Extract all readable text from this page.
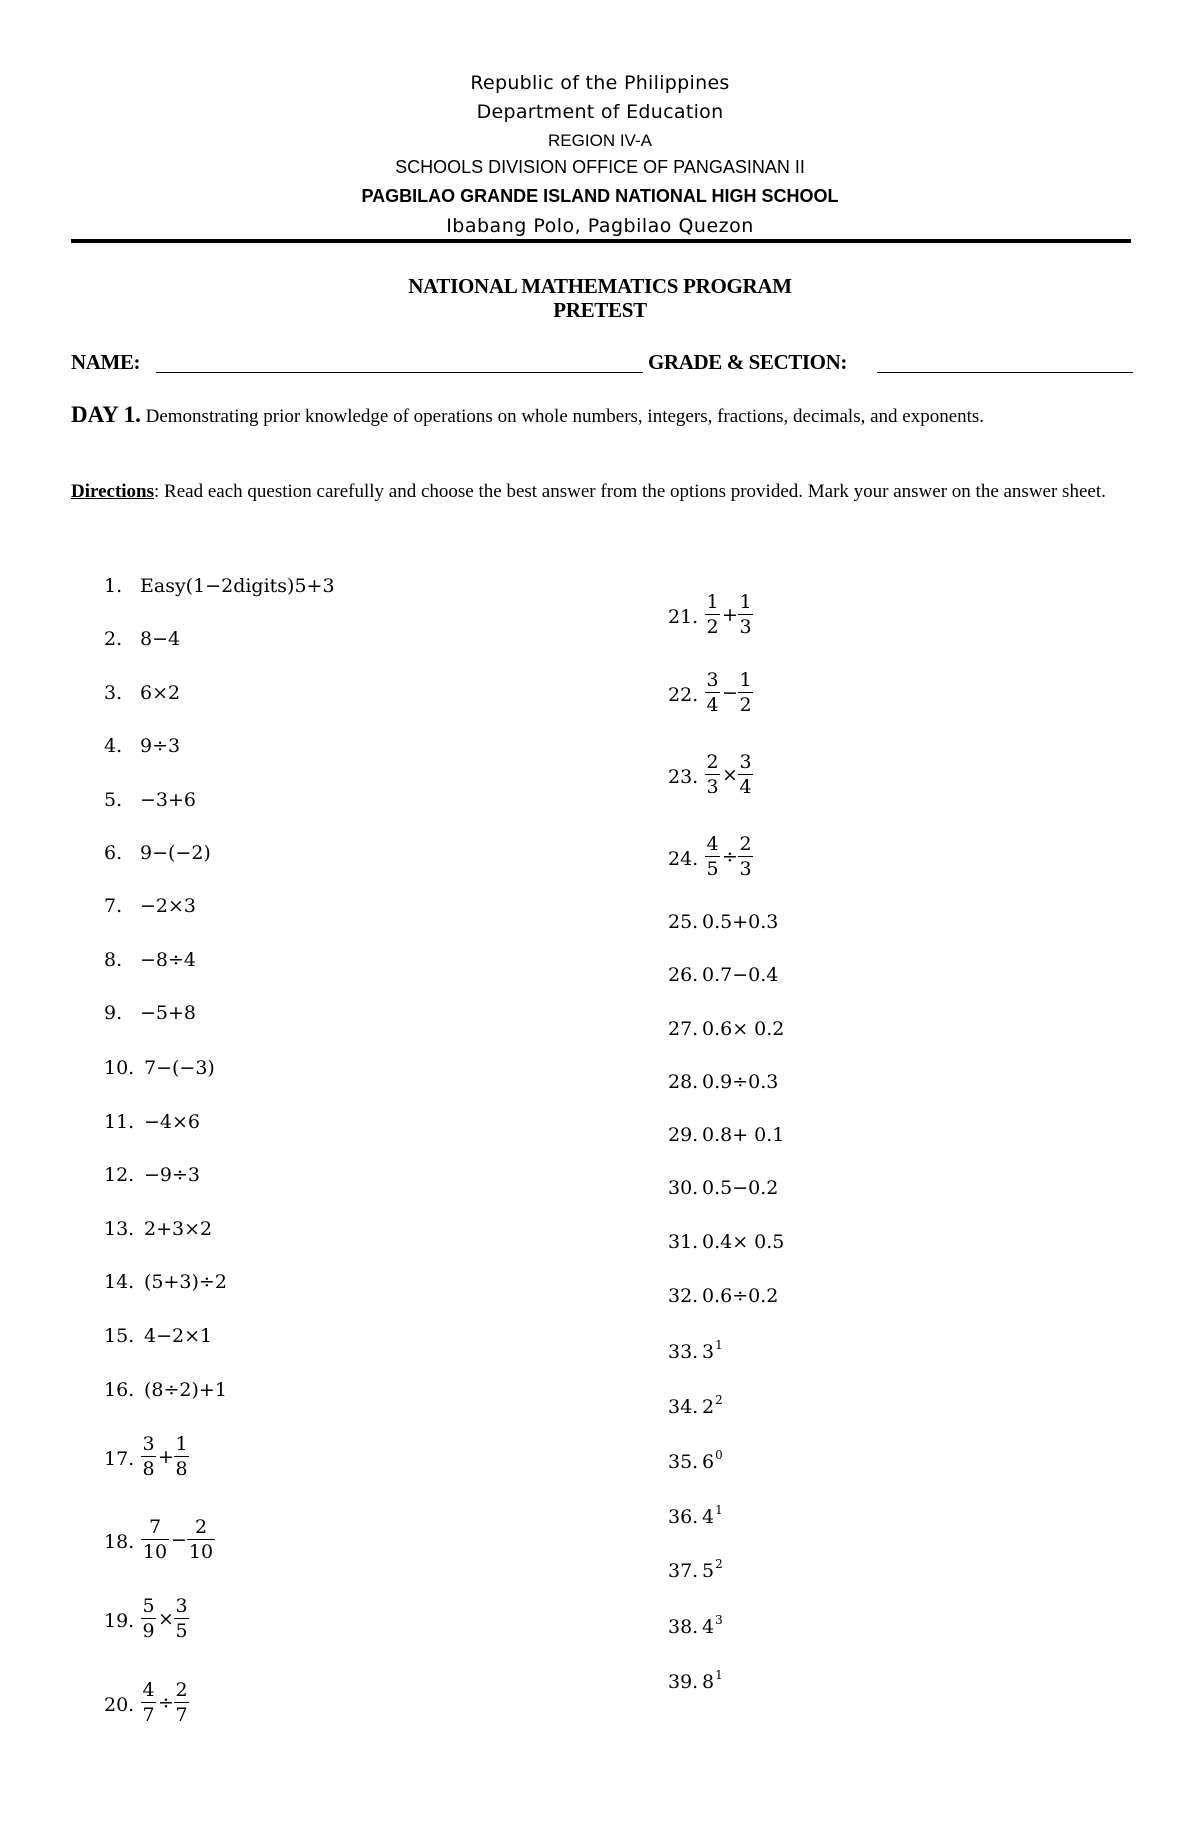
Republic of the Philippines
Department of Education
REGION IV-A
SCHOOLS DIVISION OFFICE OF PANGASINAN II
PAGBILAO GRANDE ISLAND NATIONAL HIGH SCHOOL
Ibabang Polo, Pagbilao Quezon
NATIONAL MATHEMATICS PROGRAM
PRETEST
NAME:	GRADE & SECTION:
DAY 1. Demonstrating prior knowledge of operations on whole numbers, integers, fractions, decimals, and exponents.
Directions: Read each question carefully and choose the best answer from the options provided. Mark your answer on the answer sheet.
1. Easy(1−2digits)5+3
2. 8−4
3. 6×2
4. 9÷3
5. −3+6
6. 9−(−2)
7. −2×3
8. −8÷4
9. −5+8
10. 7−(−3)
11. −4×6
12. −9÷3
13. 2+3×2
14. (5+3)÷2
15. 4−2×1
16. (8÷2)+1
17.
3
8
+
1
8
18.
7
10
−
2
10
19.
5
9
×
3
5
20.
4
7
÷
2
7
21.
1
2
+
1
3
22.
3
4
−
1
2
23.
2
3
×
3
4
24.
4
5
÷
2
3
25. 0.5+0.3
26. 0.7−0.4
27. 0.6× 0.2
28. 0.9÷0.3
29. 0.8+ 0.1
30. 0.5−0.2
31. 0.4× 0.5
32. 0.6÷0.2
33. $3^1$
34. $2^2$
35. $6^0$
36. $4^1$
37. $5^2$
38. $4^3$
39. $8^1$
